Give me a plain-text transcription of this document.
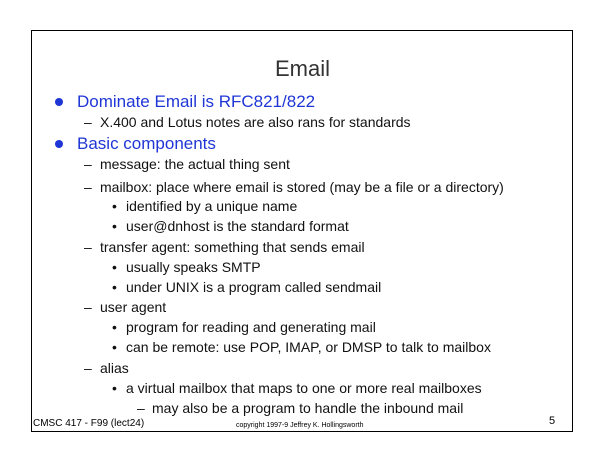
Email
Dominate Email is RFC821/822
– X.400 and Lotus notes are also rans for standards
Basic components
– message: the actual thing sent
– mailbox: place where email is stored (may be a file or a directory)
• identified by a unique name
• user@dnhost is the standard format
– transfer agent: something that sends email
• usually speaks SMTP
• under UNIX is a program called sendmail
– user agent
• program for reading and generating mail
• can be remote: use POP, IMAP, or DMSP to talk to mailbox
– alias
• a virtual mailbox that maps to one or more real mailboxes
– may also be a program to handle the inbound mail
CMSC 417 - F99 (lect24)	copyright 1997-9 Jeffrey K. Hollingsworth	5
